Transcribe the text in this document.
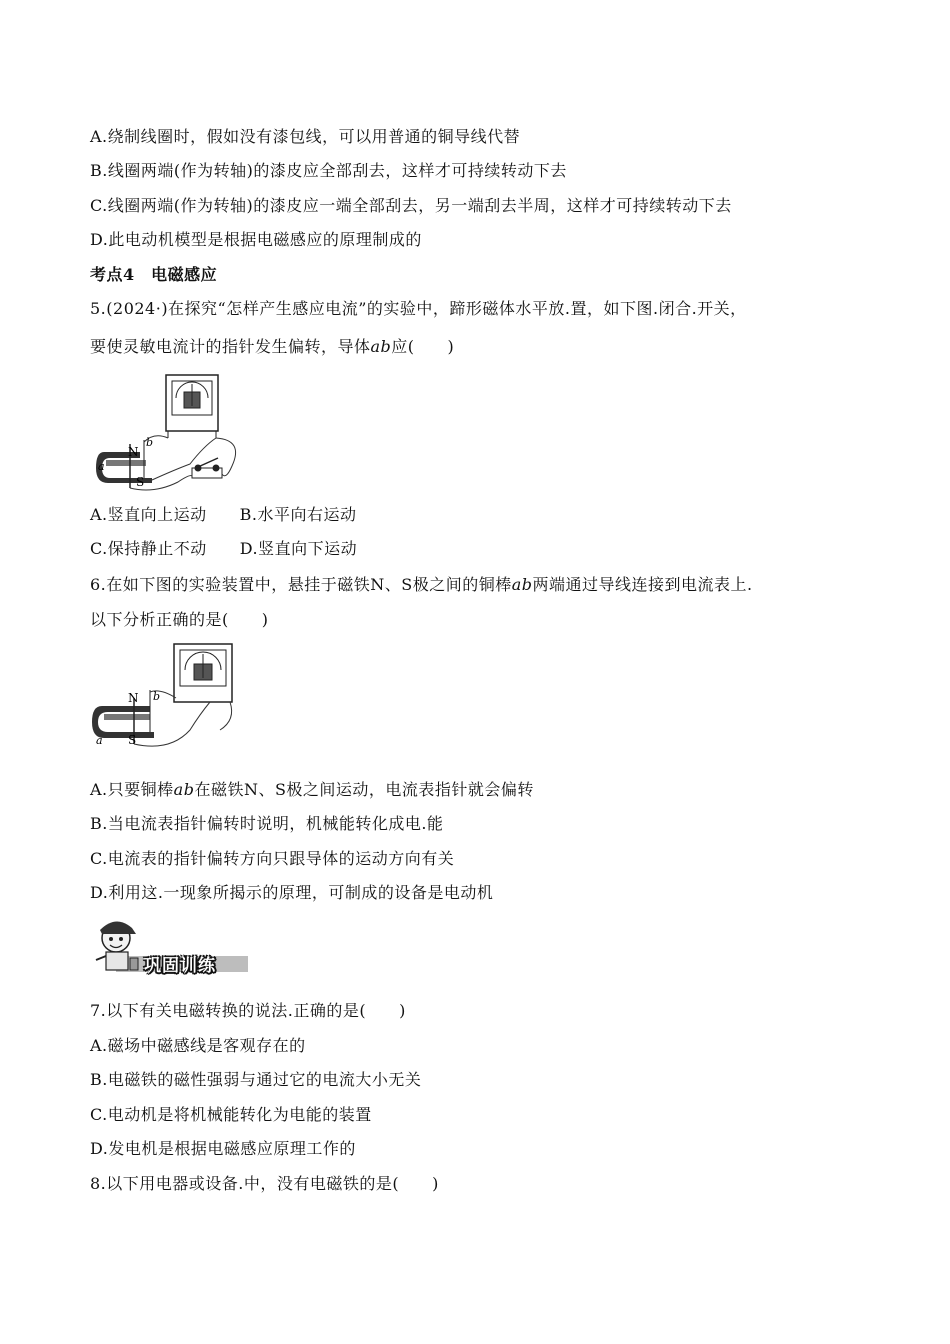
A.绕制线圈时，假如没有漆包线，可以用普通的铜导线代替
B.线圈两端(作为转轴)的漆皮应全部刮去，这样才可持续转动下去
C.线圈两端(作为转轴)的漆皮应一端全部刮去，另一端刮去半周，这样才可持续转动下去
D.此电动机模型是根据电磁感应的原理制成的
考点4　电磁感应
5.(2024·)在探究“怎样产生感应电流”的实验中，蹄形磁体水平放.置，如下图.闭合.开关，
要使灵敏电流计的指针发生偏转，导体ab应(　　)
N
S
a
b
A.竖直向上运动　　B.水平向右运动
C.保持静止不动　　D.竖直向下运动
6.在如下图的实验装置中，悬挂于磁铁N、S极之间的铜棒ab两端通过导线连接到电流表上.
以下分析正确的是(　　)
N
S
a
b
A.只要铜棒ab在磁铁N、S极之间运动，电流表指针就会偏转
B.当电流表指针偏转时说明，机械能转化成电.能
C.电流表的指针偏转方向只跟导体的运动方向有关
D.利用这.一现象所揭示的原理，可制成的设备是电动机
巩固训练
7.以下有关电磁转换的说法.正确的是(　　)
A.磁场中磁感线是客观存在的
B.电磁铁的磁性强弱与通过它的电流大小无关
C.电动机是将机械能转化为电能的装置
D.发电机是根据电磁感应原理工作的
8.以下用电器或设备.中，没有电磁铁的是(　　)
